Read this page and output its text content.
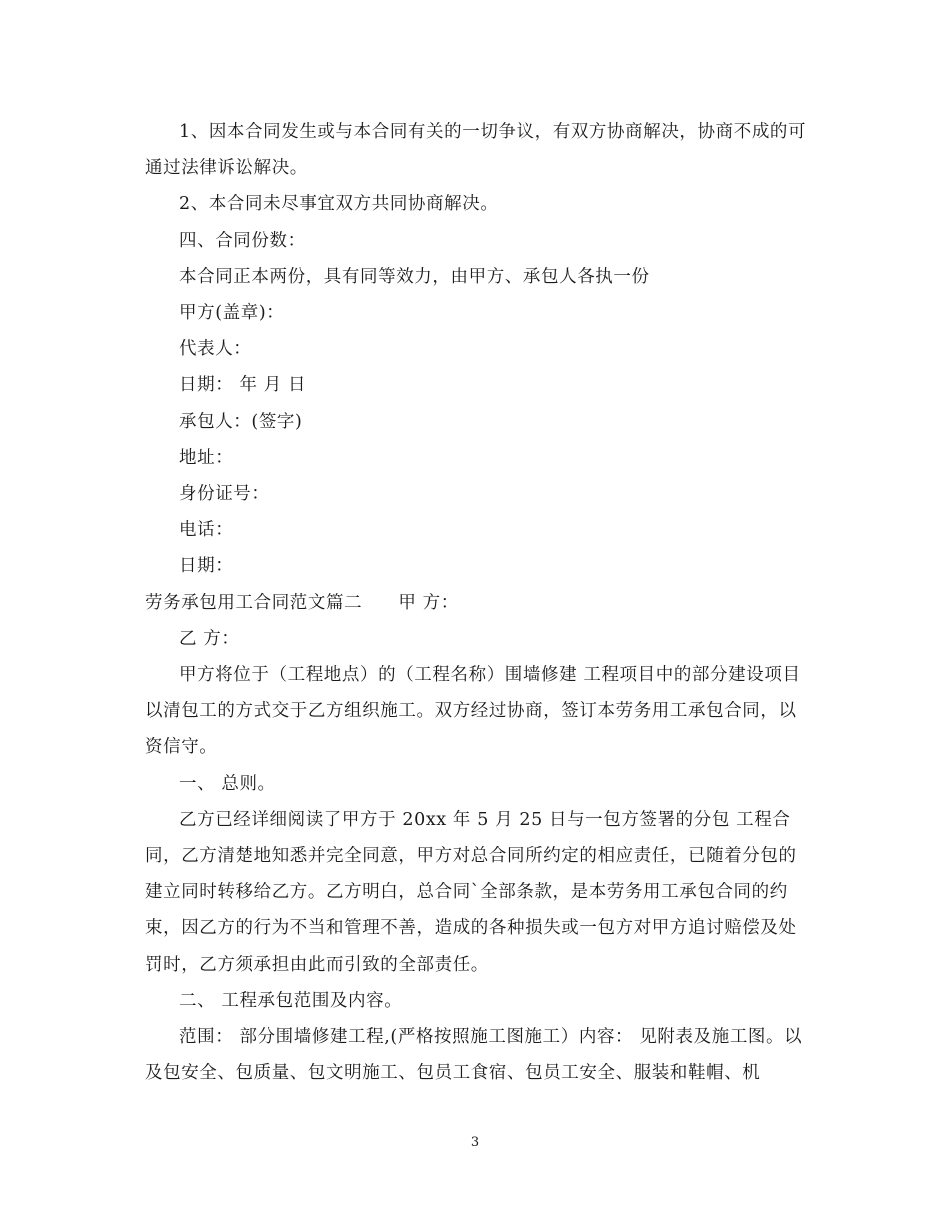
1、因本合同发生或与本合同有关的一切争议，有双方协商解决，协商不成的可通过法律诉讼解决。

2、本合同未尽事宜双方共同协商解决。

四、合同份数：

本合同正本两份，具有同等效力，由甲方、承包人各执一份

甲方(盖章)：

代表人：

日期： 年 月 日

承包人：(签字)

地址：

身份证号：

电话：

日期：

劳务承包用工合同范文篇二　　甲 方：

乙 方：

甲方将位于（工程地点）的（工程名称）围墙修建 工程项目中的部分建设项目以清包工的方式交于乙方组织施工。双方经过协商，签订本劳务用工承包合同，以资信守。

一、 总则。

乙方已经详细阅读了甲方于 20xx 年 5 月 25 日与一包方签署的分包 工程合同，乙方清楚地知悉并完全同意，甲方对总合同所约定的相应责任，已随着分包的建立同时转移给乙方。乙方明白，总合同`全部条款，是本劳务用工承包合同的约束，因乙方的行为不当和管理不善，造成的各种损失或一包方对甲方追讨赔偿及处罚时，乙方须承担由此而引致的全部责任。

二、 工程承包范围及内容。

范围： 部分围墙修建工程,(严格按照施工图施工）内容： 见附表及施工图。以及包安全、包质量、包文明施工、包员工食宿、包员工安全、服装和鞋帽、机

3
